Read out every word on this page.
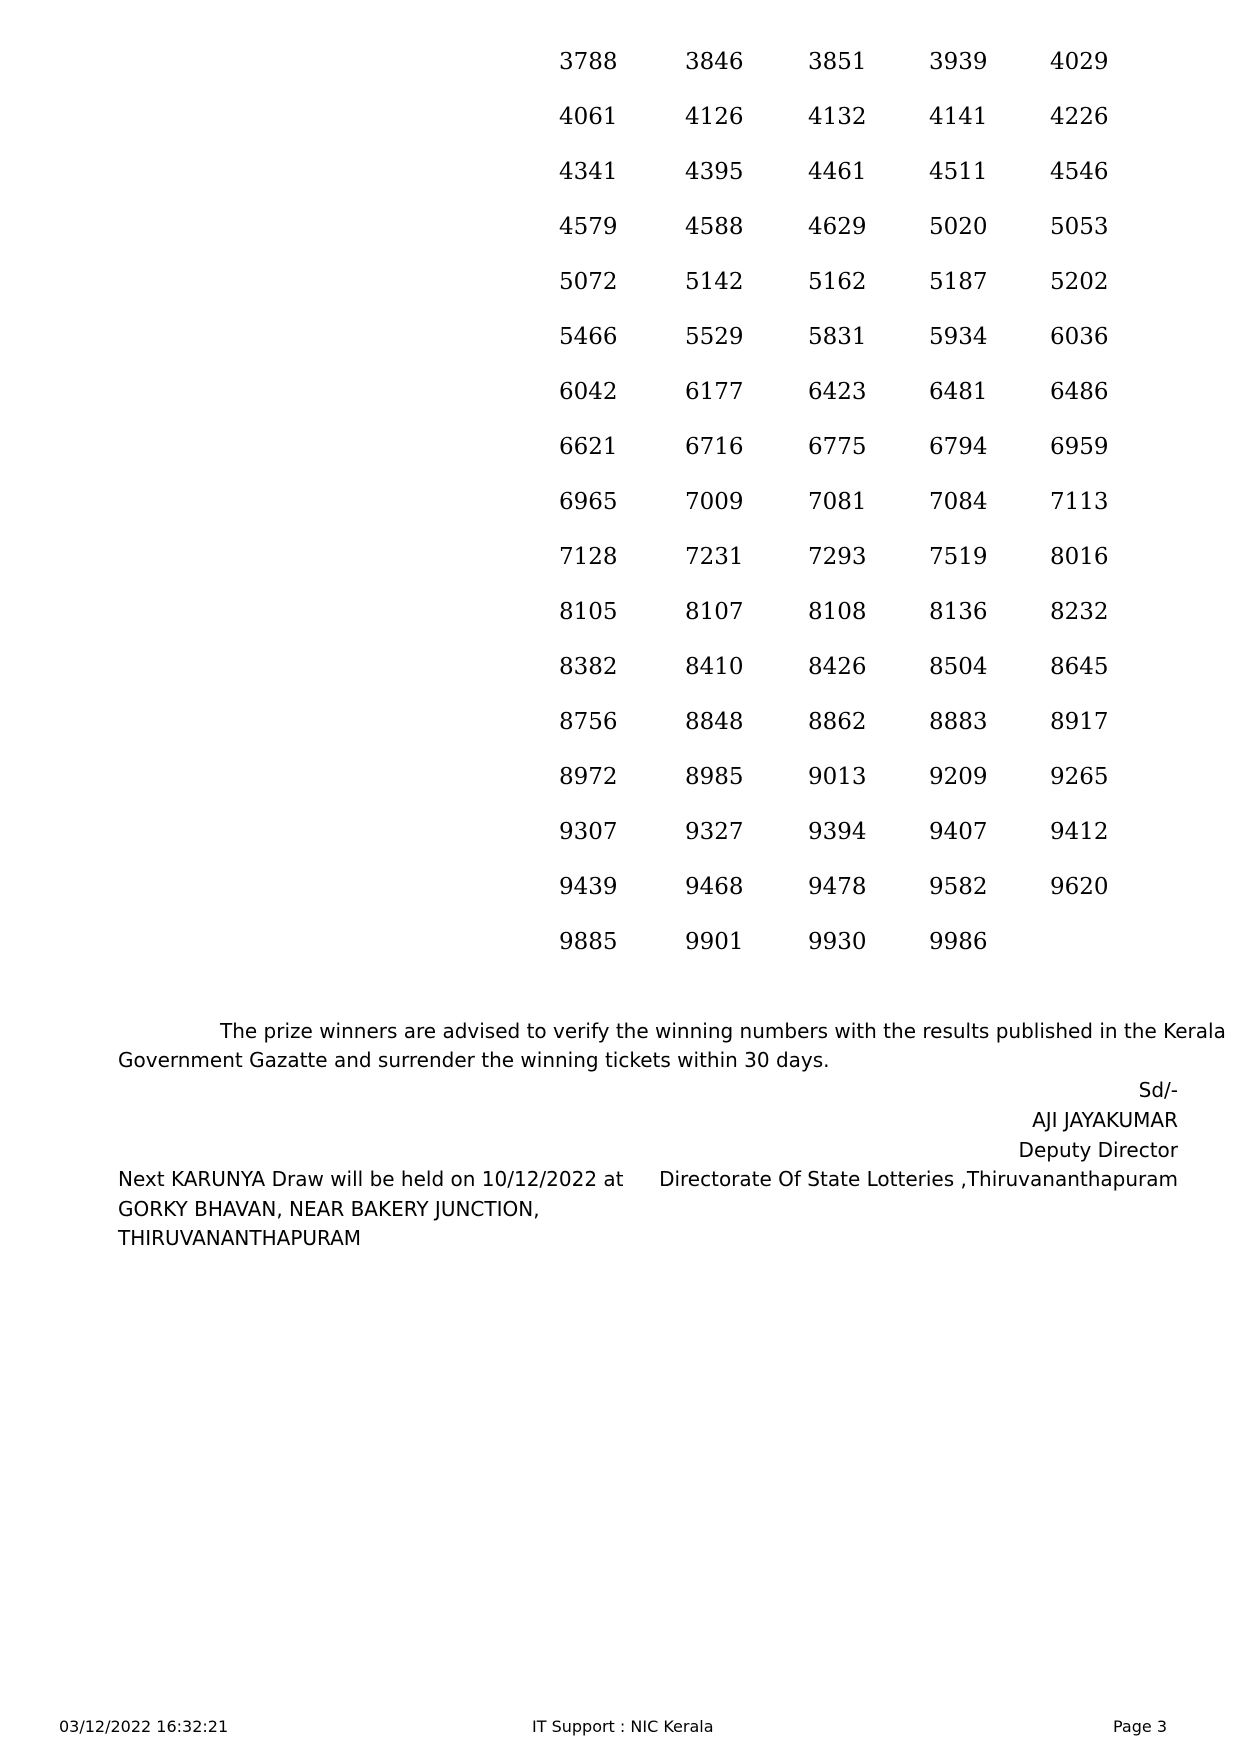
3788	3846	3851	3939	4029
4061	4126	4132	4141	4226
4341	4395	4461	4511	4546
4579	4588	4629	5020	5053
5072	5142	5162	5187	5202
5466	5529	5831	5934	6036
6042	6177	6423	6481	6486
6621	6716	6775	6794	6959
6965	7009	7081	7084	7113
7128	7231	7293	7519	8016
8105	8107	8108	8136	8232
8382	8410	8426	8504	8645
8756	8848	8862	8883	8917
8972	8985	9013	9209	9265
9307	9327	9394	9407	9412
9439	9468	9478	9582	9620
9885	9901	9930	9986
The prize winners are advised to verify the winning numbers with the results published in the Kerala
Government Gazatte and surrender the winning tickets within 30 days.
Sd/-
AJI JAYAKUMAR
Deputy Director
Directorate Of State Lotteries ,Thiruvananthapuram
Next KARUNYA Draw will be held on 10/12/2022 at
GORKY BHAVAN, NEAR BAKERY JUNCTION,
THIRUVANANTHAPURAM
03/12/2022 16:32:21	IT Support : NIC Kerala	Page 3
